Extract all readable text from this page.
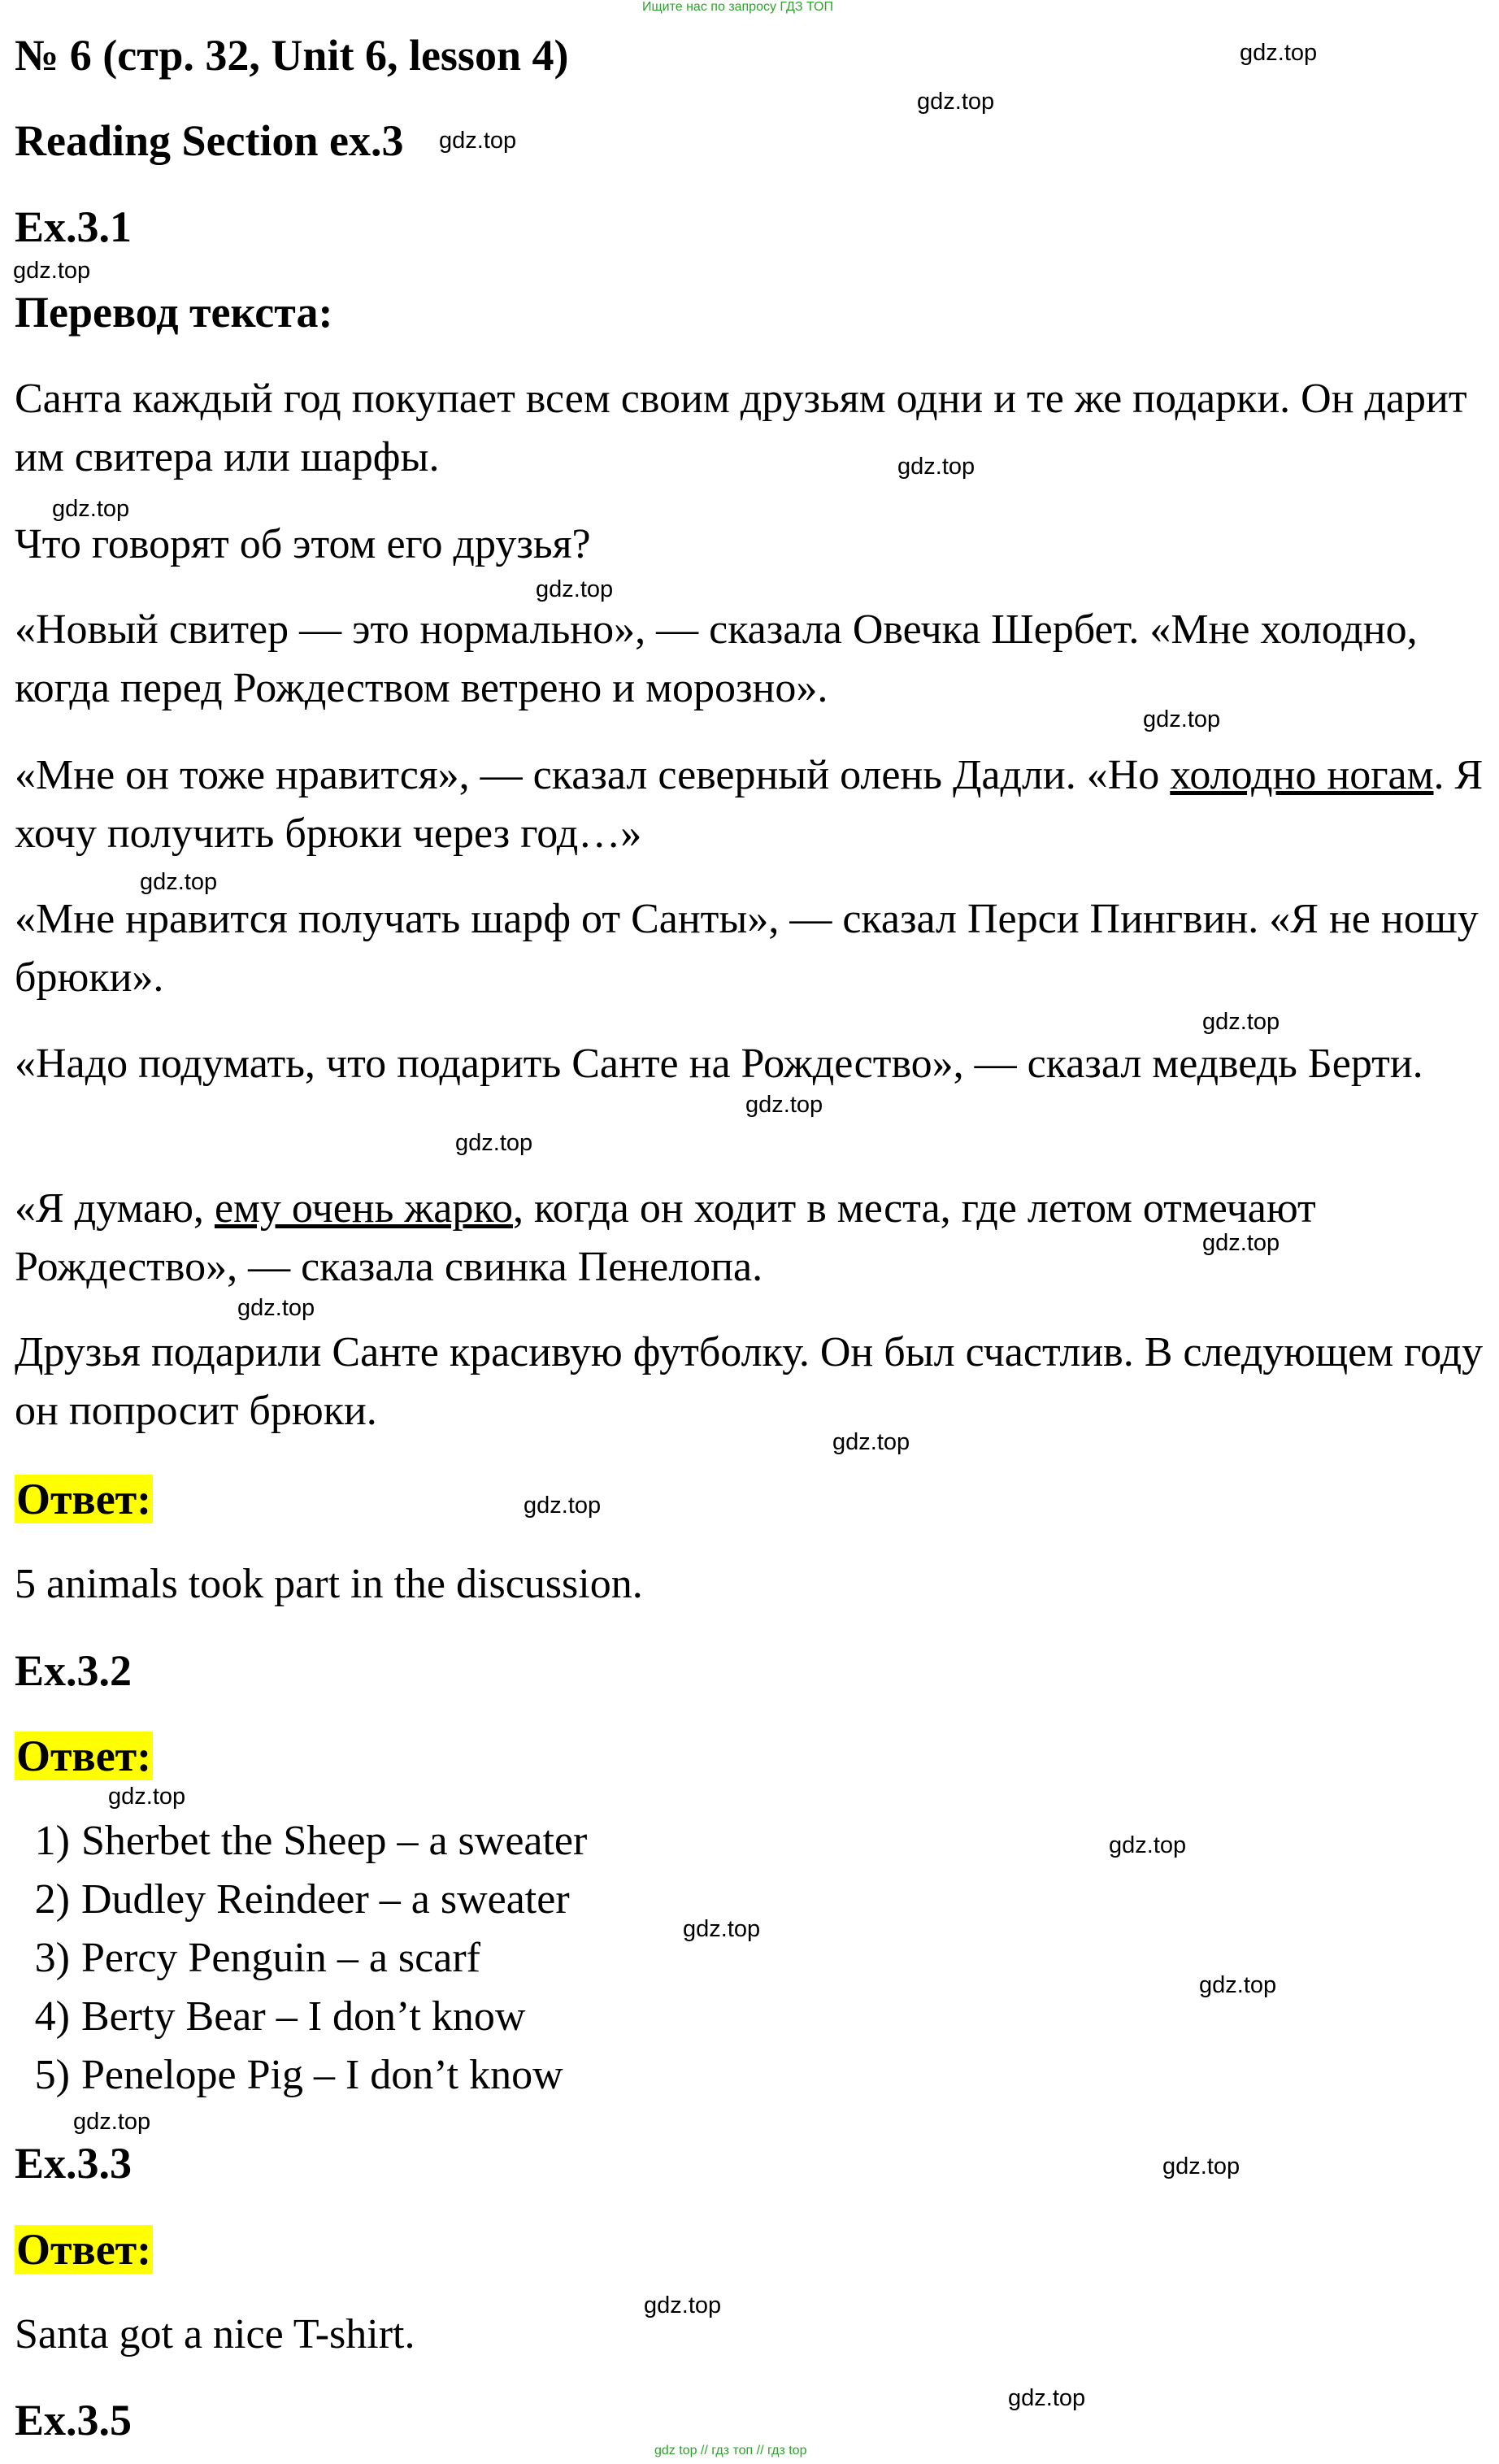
Ищите нас по запросу ГДЗ ТОП
№ 6 (стр. 32, Unit 6, lesson 4)
Reading Section ex.3
Ex.3.1
Перевод текста:
Санта каждый год покупает всем своим друзьям одни и те же подарки. Он дарит им свитера или шарфы.
Что говорят об этом его друзья?
«Новый свитер — это нормально», — сказала Овечка Шербет. «Мне холодно, когда перед Рождеством ветрено и морозно».
«Мне он тоже нравится», — сказал северный олень Дадли. «Но холодно ногам. Я хочу получить брюки через год…»
«Мне нравится получать шарф от Санты», — сказал Перси Пингвин. «Я не ношу брюки».
«Надо подумать, что подарить Санте на Рождество», — сказал медведь Берти.
«Я думаю, ему очень жарко, когда он ходит в места, где летом отмечают Рождество», — сказала свинка Пенелопа.
Друзья подарили Санте красивую футболку. Он был счастлив. В следующем году он попросит брюки.
Ответ:
5 animals took part in the discussion.
Ex.3.2
Ответ:
1) Sherbet the Sheep – a sweater
2) Dudley Reindeer – a sweater
3) Percy Penguin – a scarf
4) Berty Bear – I don’t know
5) Penelope Pig – I don’t know
Ex.3.3
Ответ:
Santa got a nice T-shirt.
Ex.3.5
gdz top // гдз топ // гдз top
gdz.top
gdz.top
gdz.top
gdz.top
gdz.top
gdz.top
gdz.top
gdz.top
gdz.top
gdz.top
gdz.top
gdz.top
gdz.top
gdz.top
gdz.top
gdz.top
gdz.top
gdz.top
gdz.top
gdz.top
gdz.top
gdz.top
gdz.top
gdz.top
